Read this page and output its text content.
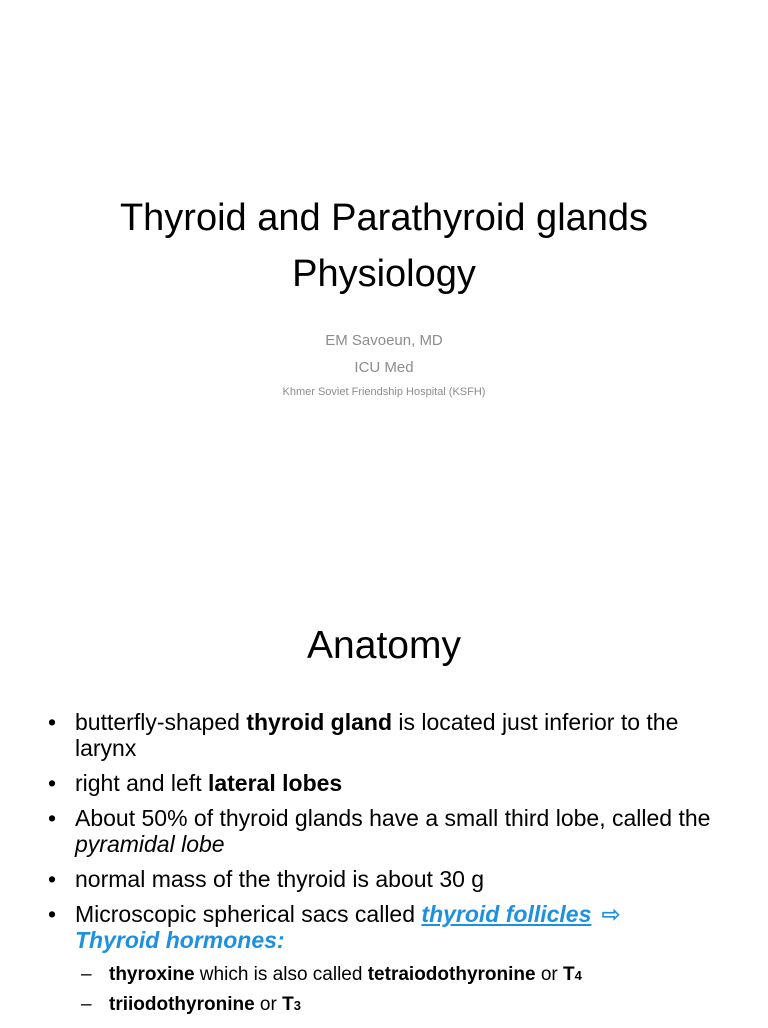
Thyroid and Parathyroid glands
Physiology

EM Savoeun, MD

ICU Med

Khmer Soviet Friendship Hospital (KSFH)

Anatomy
• butterfly-shaped thyroid gland is located just inferior to the larynx
• right and left lateral lobes
• About 50% of thyroid glands have a small third lobe, called the pyramidal lobe
• normal mass of the thyroid is about 30 g
• Microscopic spherical sacs called thyroid follicles ⇨
Thyroid hormones:
– thyroxine which is also called tetraiodothyronine or T4
– triiodothyronine or T3
